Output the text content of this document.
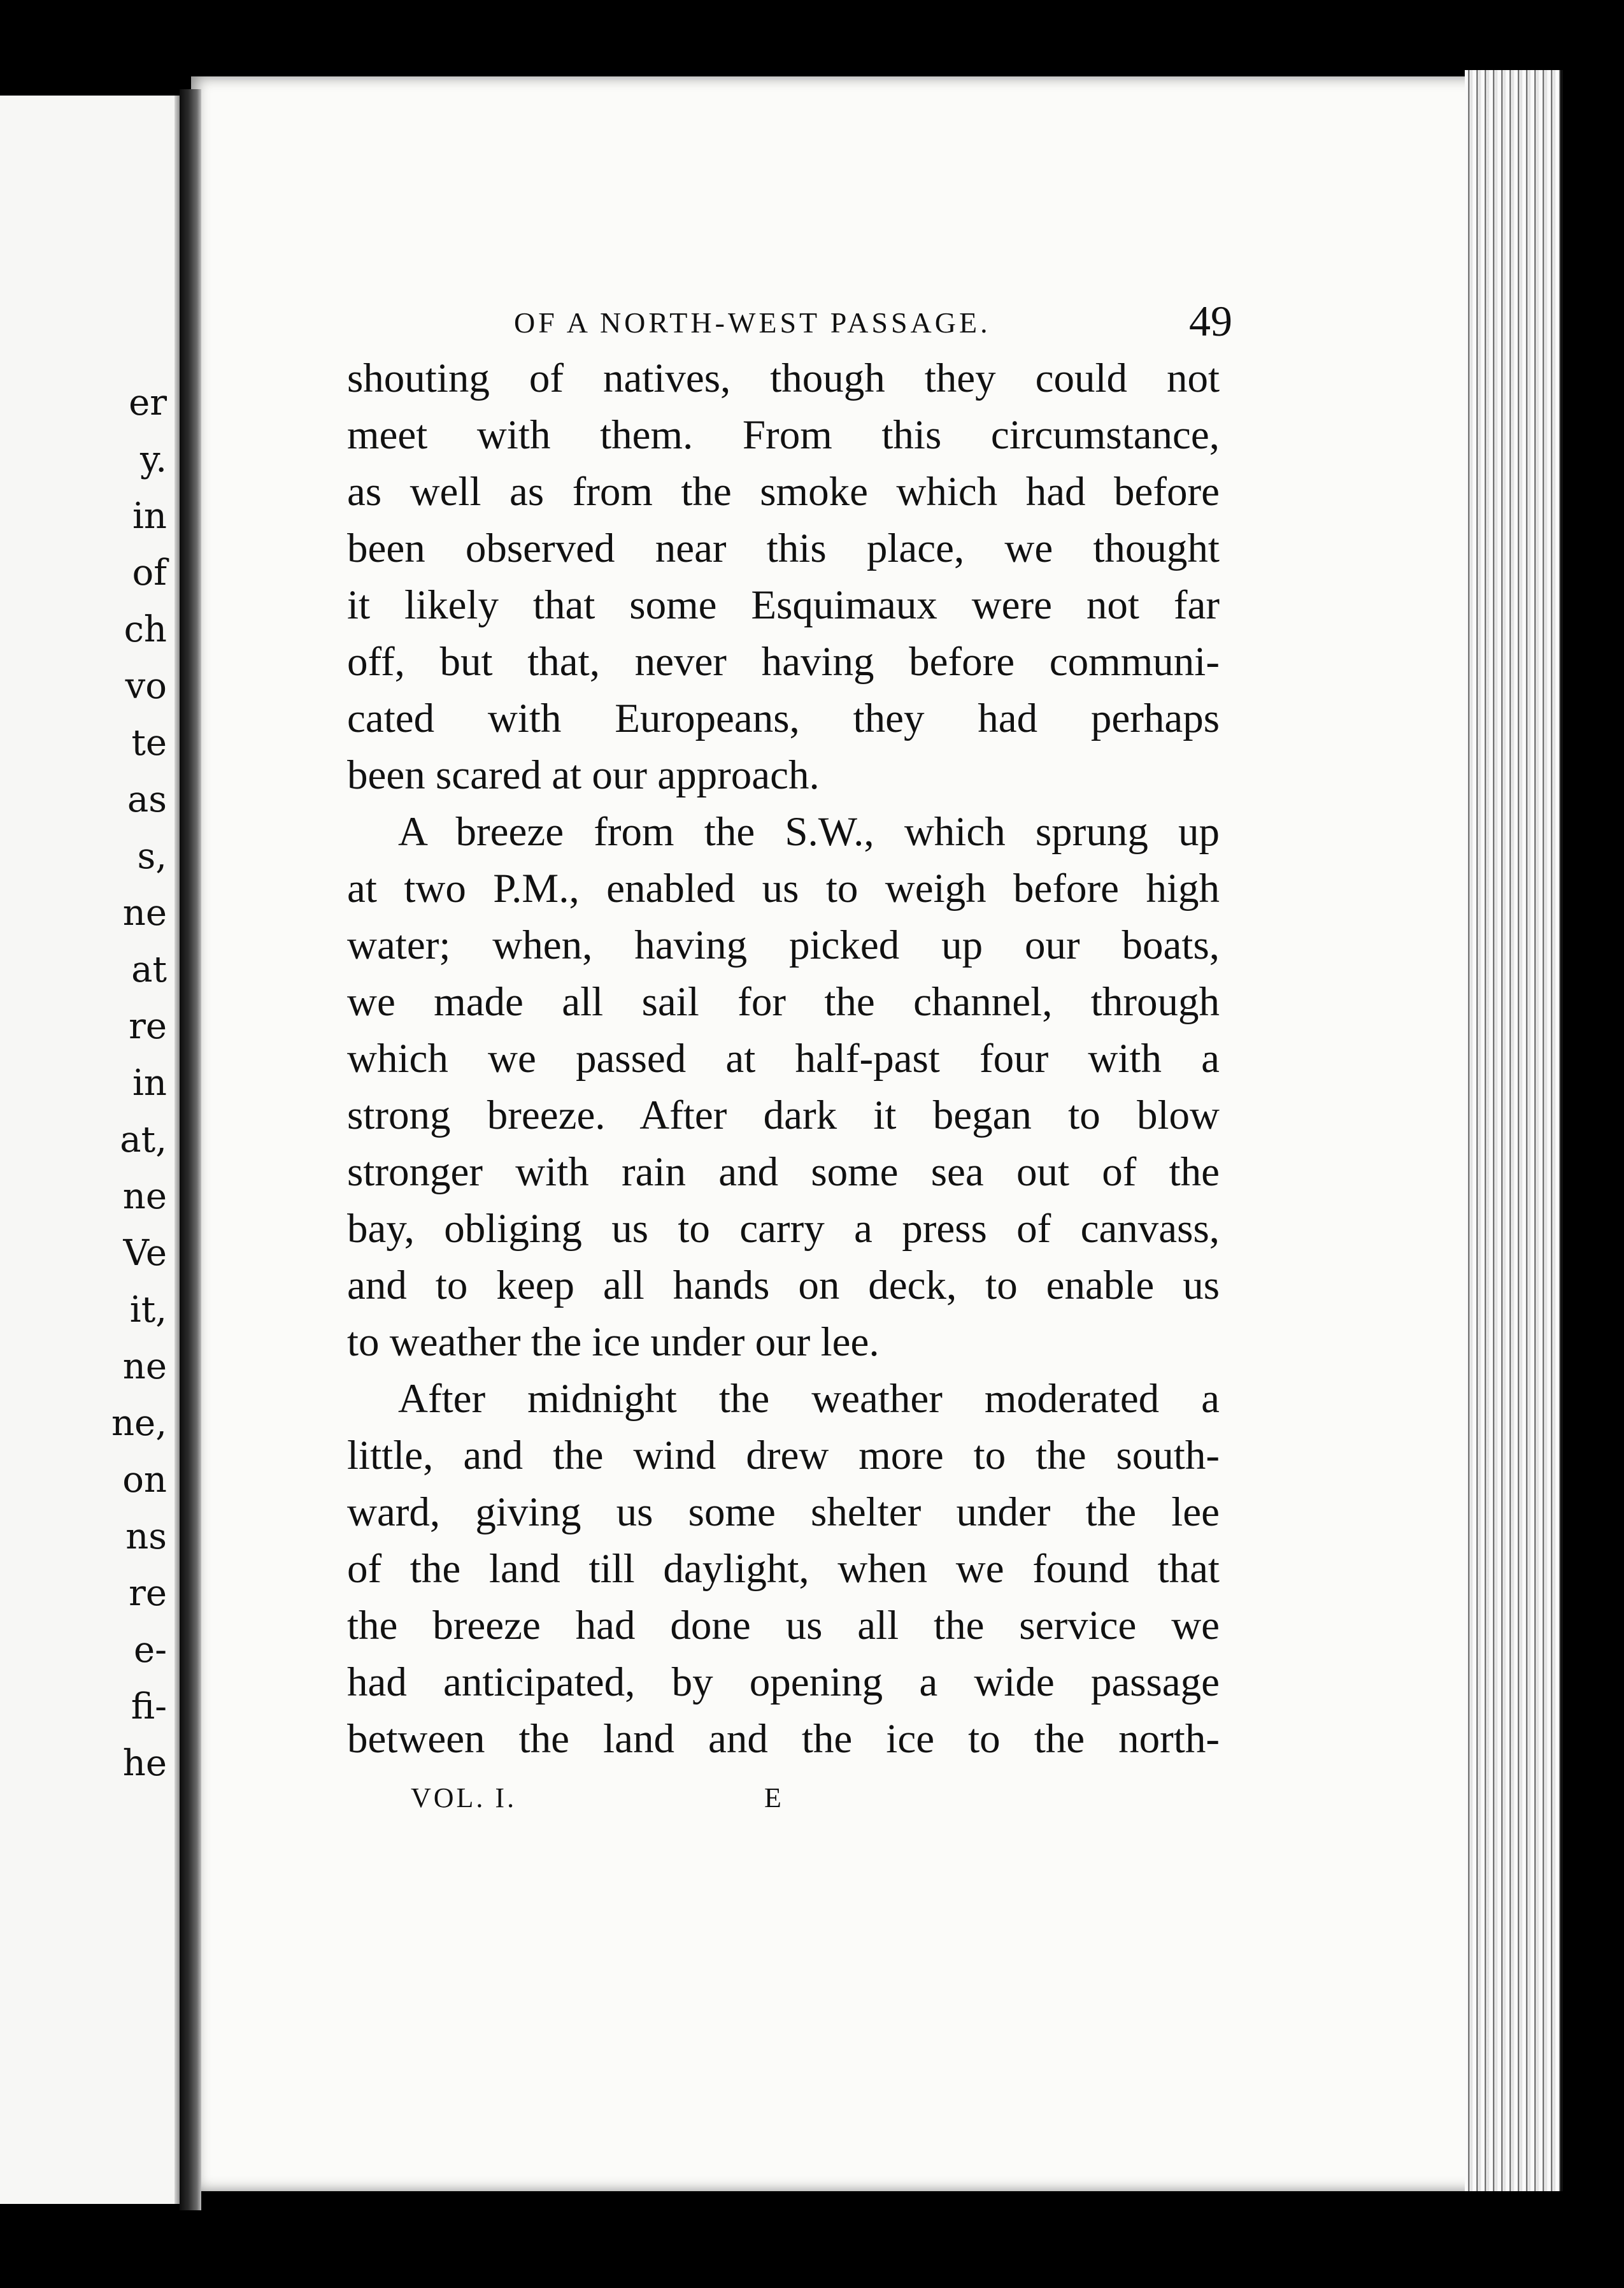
er
y.
in
of
ch
vo
te
as
s,
ne
at
re
in
at,
ne
Ve
it,
ne
ne,
on
ns
re
e-
fi-
he
OF A NORTH-WEST PASSAGE.	49
shouting of natives, though they could not
meet with them. From this circumstance,
as well as from the smoke which had before
been observed near this place, we thought
it likely that some Esquimaux were not far
off, but that, never having before communi-
cated with Europeans, they had perhaps
been scared at our approach.
A breeze from the S.W., which sprung up
at two P.M., enabled us to weigh before high
water; when, having picked up our boats,
we made all sail for the channel, through
which we passed at half-past four with a
strong breeze. After dark it began to blow
stronger with rain and some sea out of the
bay, obliging us to carry a press of canvass,
and to keep all hands on deck, to enable us
to weather the ice under our lee.
After midnight the weather moderated a
little, and the wind drew more to the south-
ward, giving us some shelter under the lee
of the land till daylight, when we found that
the breeze had done us all the service we
had anticipated, by opening a wide passage
between the land and the ice to the north-
VOL. I.	E
